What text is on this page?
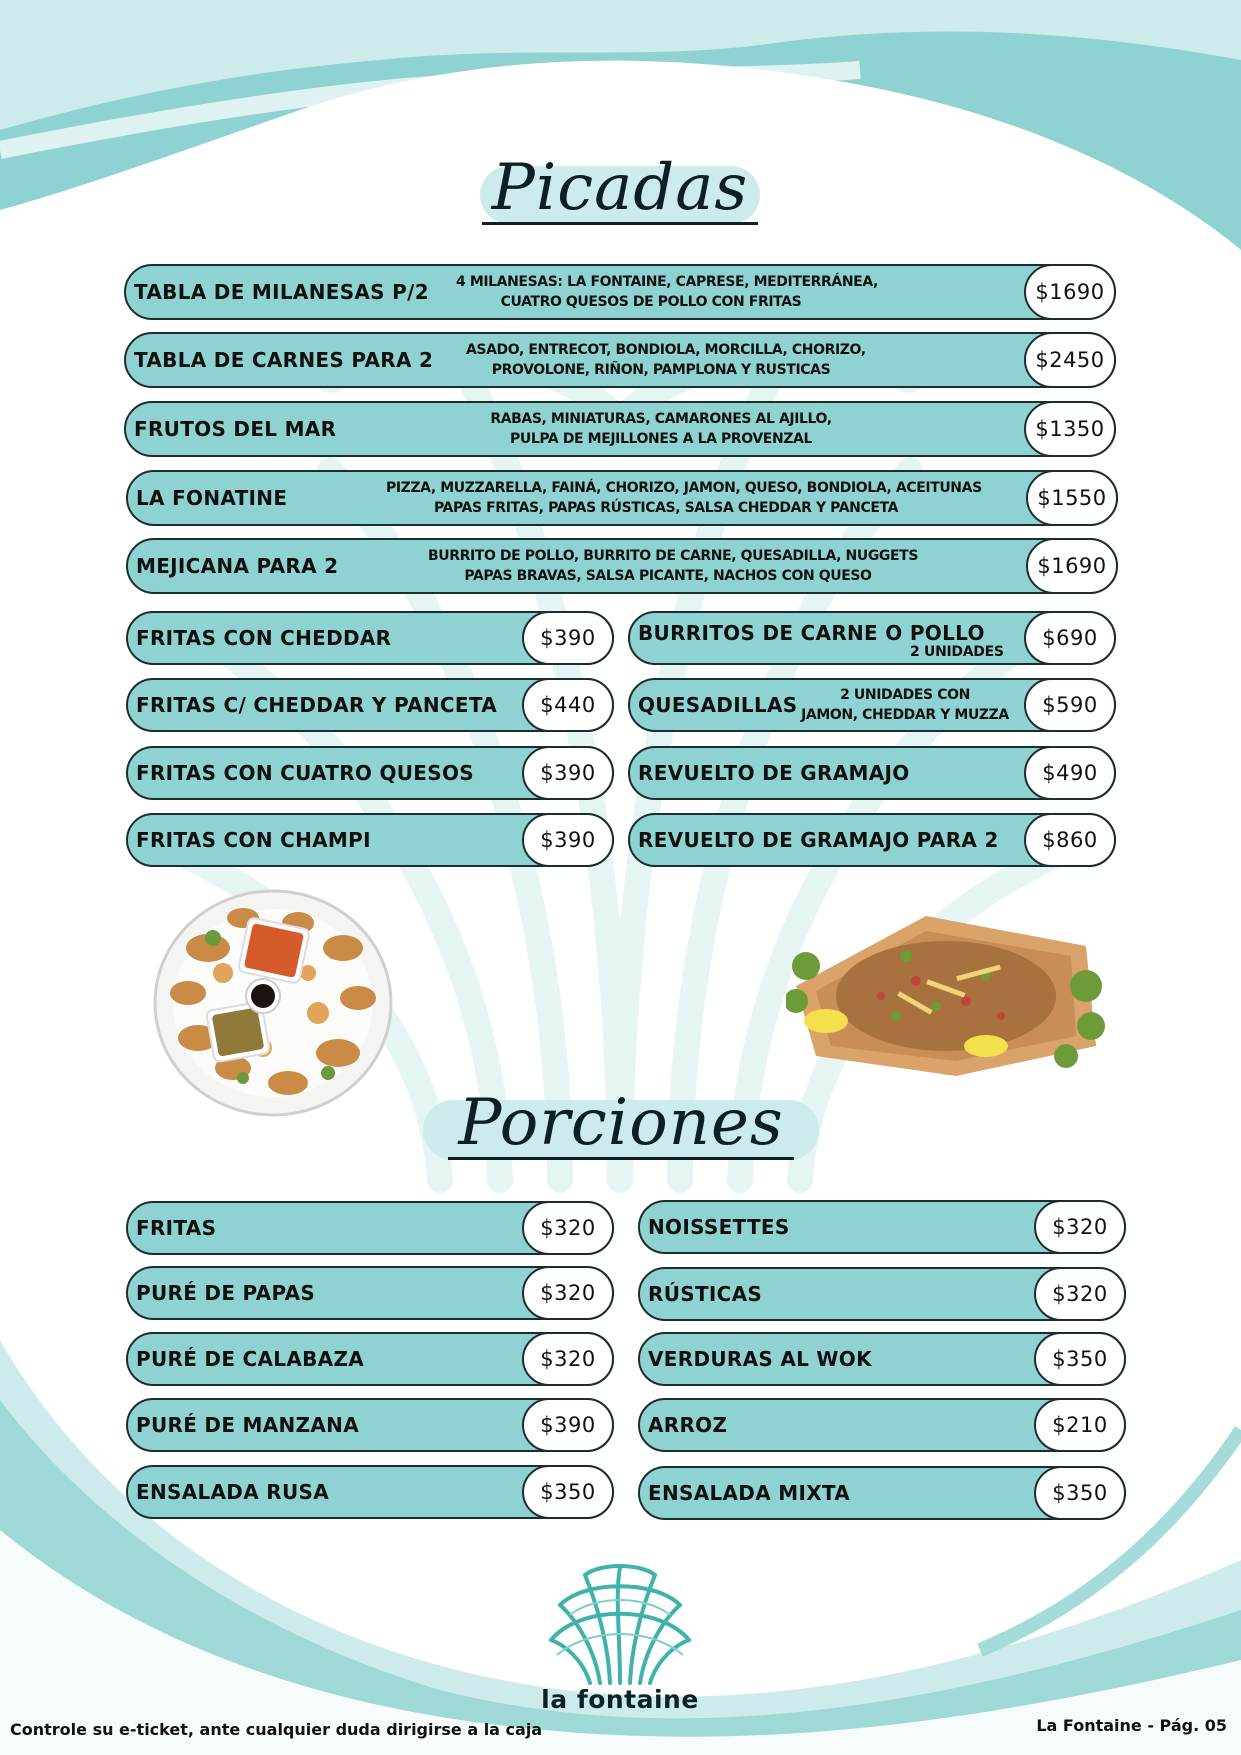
Picadas
TABLA DE MILANESAS P/2 4 MILANESAS: LA FONTAINE, CAPRESE, MEDITERRÁNEA,
CUATRO QUESOS DE POLLO CON FRITAS	$1690
TABLA DE CARNES PARA 2 ASADO, ENTRECOT, BONDIOLA, MORCILLA, CHORIZO,
PROVOLONE, RIÑON, PAMPLONA Y RUSTICAS	$2450
FRUTOS DEL MAR	RABAS, MINIATURAS, CAMARONES AL AJILLO,
PULPA DE MEJILLONES A LA PROVENZAL	$1350
LA FONATINE	PIZZA, MUZZARELLA, FAINÁ, CHORIZO, JAMON, QUESO, BONDIOLA, ACEITUNAS
PAPAS FRITAS, PAPAS RÚSTICAS, SALSA CHEDDAR Y PANCETA	$1550
MEJICANA PARA 2	BURRITO DE POLLO, BURRITO DE CARNE, QUESADILLA, NUGGETS
PAPAS BRAVAS, SALSA PICANTE, NACHOS CON QUESO	$1690
FRITAS CON CHEDDAR	$390
FRITAS C/ CHEDDAR Y PANCETA	$440
FRITAS CON CUATRO QUESOS	$390
FRITAS CON CHAMPI	$390
BURRITOS DE CARNE O POLLO
2 UNIDADES
$690
QUESADILLAS	2 UNIDADES CON
JAMON, CHEDDAR Y MUZZA	$590
REVUELTO DE GRAMAJO	$490
REVUELTO DE GRAMAJO PARA 2	$860
Porciones
FRITAS	$320
PURÉ DE PAPAS	$320
PURÉ DE CALABAZA	$320
PURÉ DE MANZANA	$390
ENSALADA RUSA	$350
NOISSETTES	$320
RÚSTICAS	$320
VERDURAS AL WOK	$350
ARROZ	$210
ENSALADA MIXTA	$350
la fontaine
Controle su e-ticket, ante cualquier duda dirigirse a la caja	La Fontaine - Pág. 05
